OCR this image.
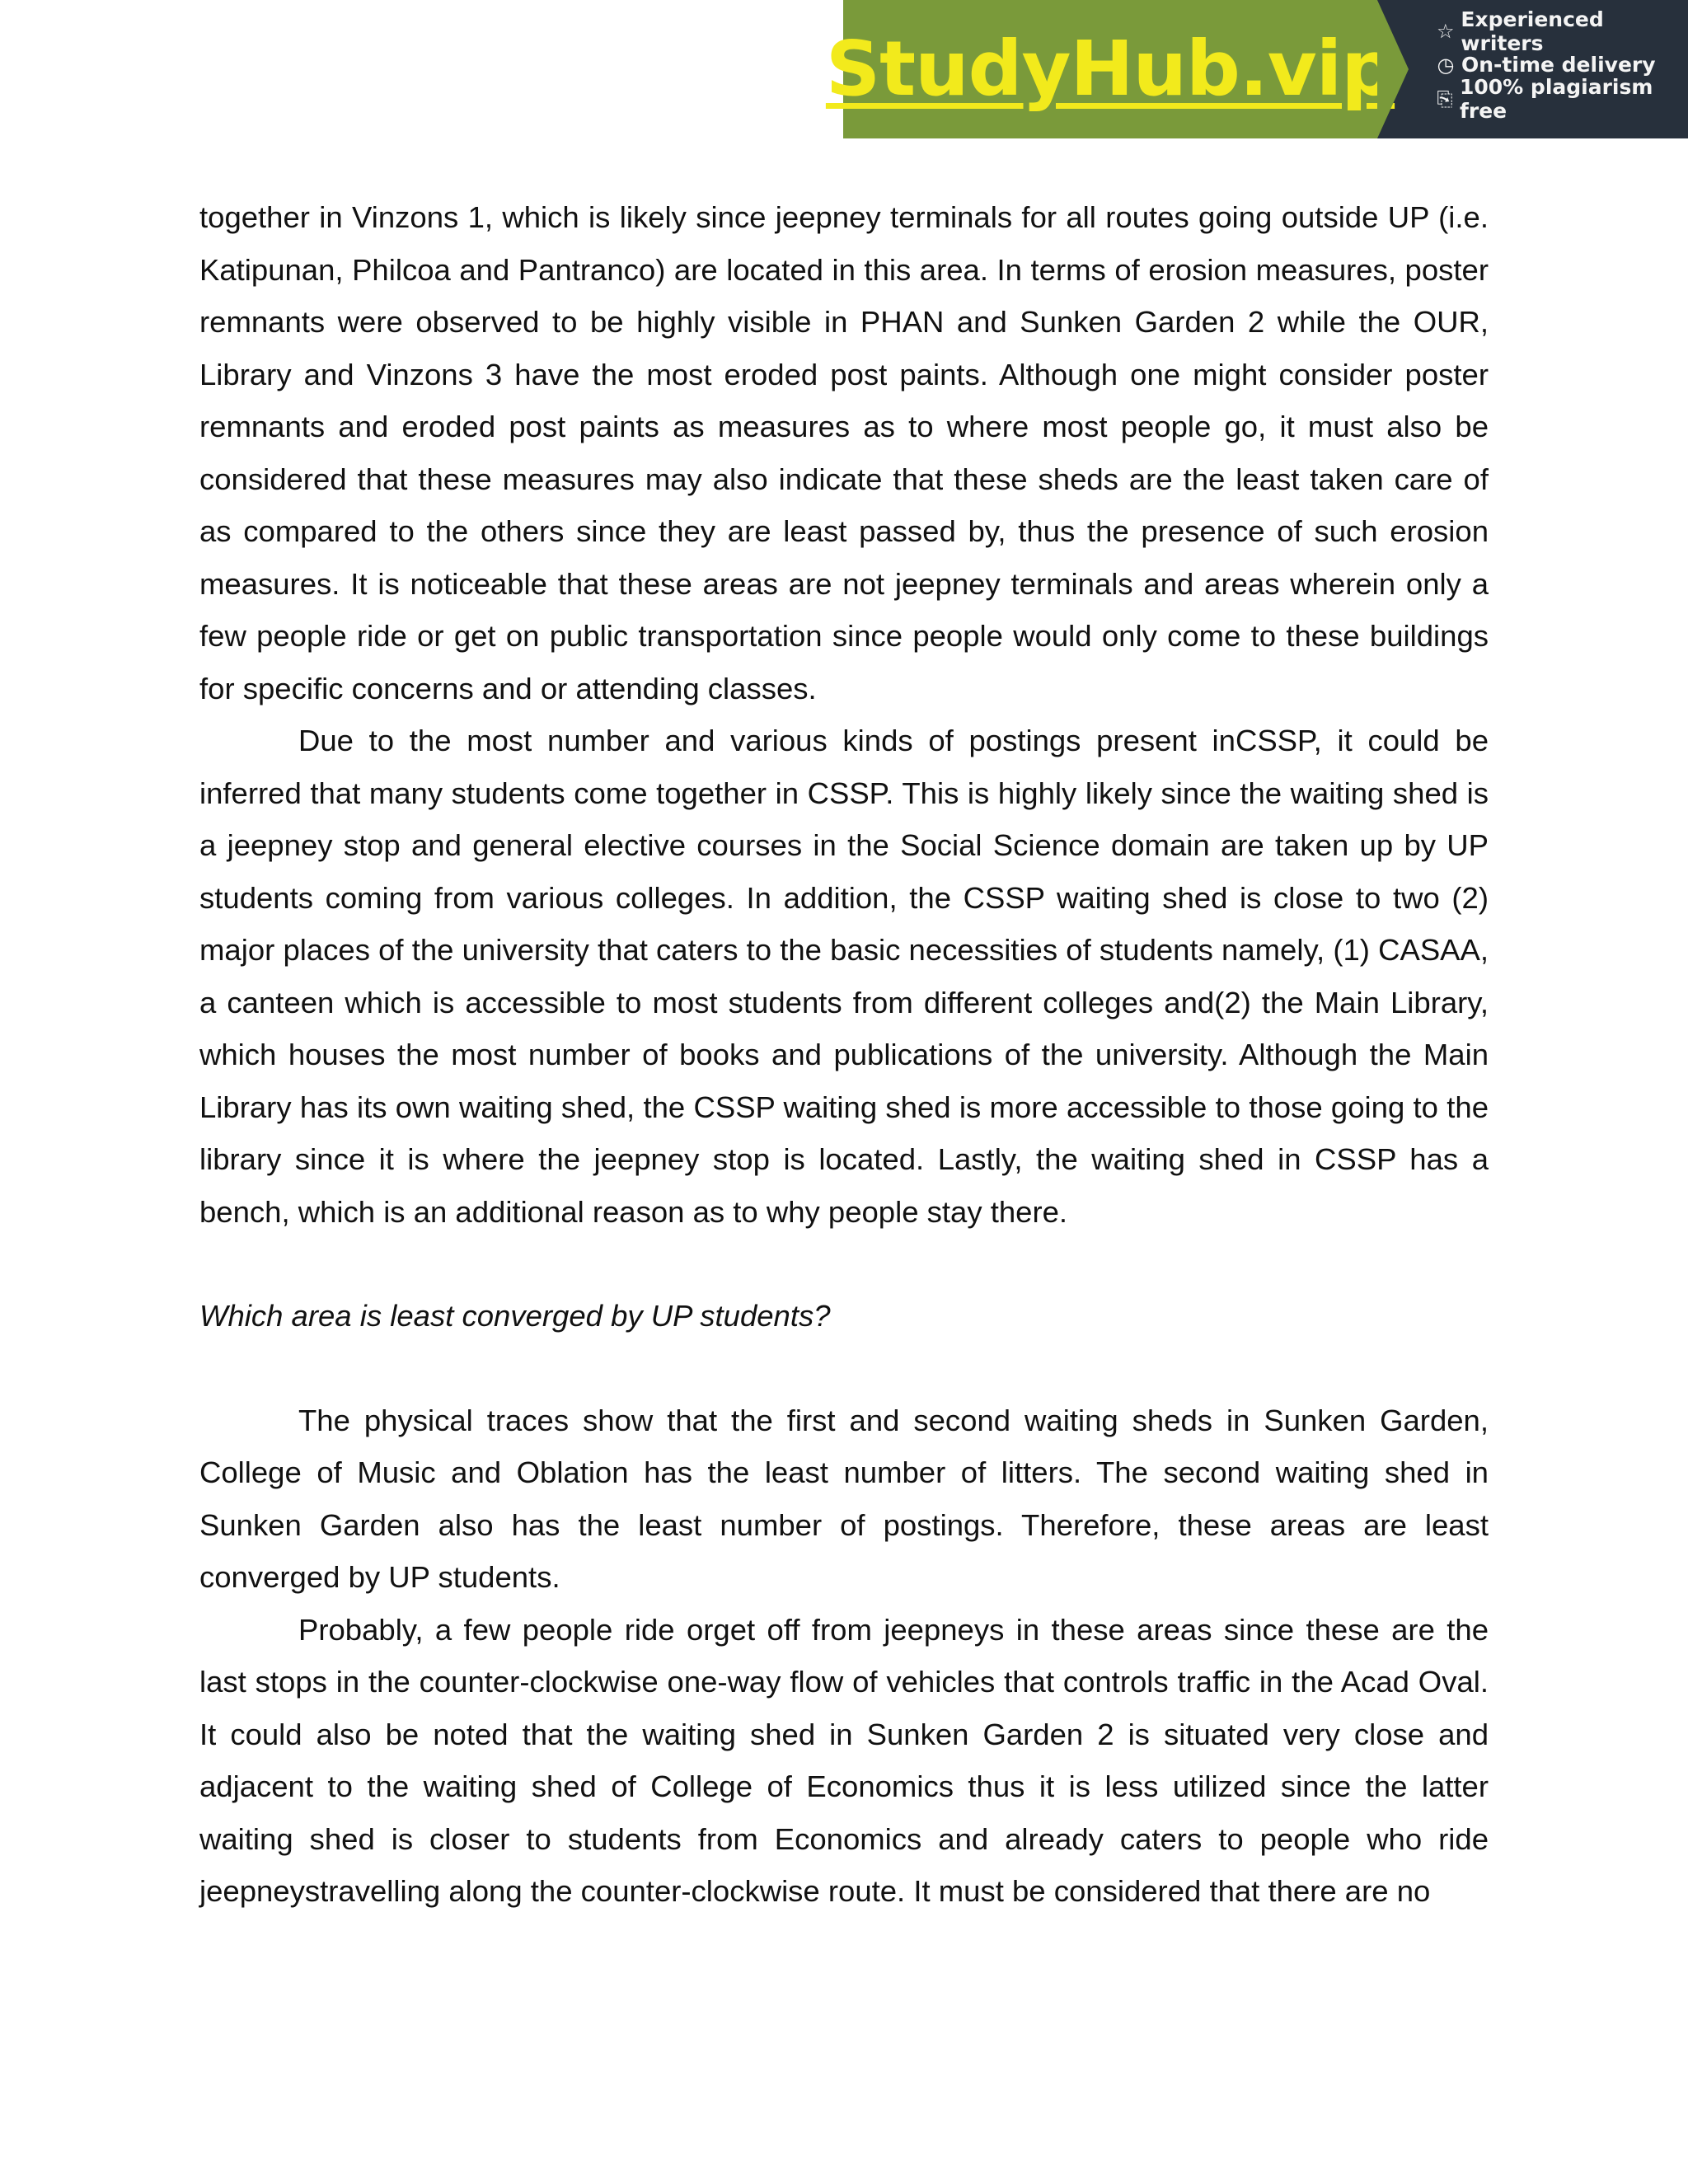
StudyHub.vip ☆ Experienced writers
◷ On-time delivery
⎘ 100% plagiarism free

together in Vinzons 1, which is likely since jeepney terminals for all routes going outside UP (i.e. Katipunan, Philcoa and Pantranco) are located in this area. In terms of erosion measures, poster remnants were observed to be highly visible in PHAN and Sunken Garden 2 while the OUR, Library and Vinzons 3 have the most eroded post paints. Although one might consider poster remnants and eroded post paints as measures as to where most people go, it must also be considered that these measures may also indicate that these sheds are the least taken care of as compared to the others since they are least passed by, thus the presence of such erosion measures. It is noticeable that these areas are not jeepney terminals and areas wherein only a few people ride or get on public transportation since people would only come to these buildings for specific concerns and or attending classes.

Due to the most number and various kinds of postings present inCSSP, it could be inferred that many students come together in CSSP. This is highly likely since the waiting shed is a jeepney stop and general elective courses in the Social Science domain are taken up by UP students coming from various colleges. In addition, the CSSP waiting shed is close to two (2) major places of the university that caters to the basic necessities of students namely, (1) CASAA, a canteen which is accessible to most students from different colleges and(2) the Main Library, which houses the most number of books and publications of the university. Although the Main Library has its own waiting shed, the CSSP waiting shed is more accessible to those going to the library since it is where the jeepney stop is located. Lastly, the waiting shed in CSSP has a bench, which is an additional reason as to why people stay there.

Which area is least converged by UP students?

The physical traces show that the first and second waiting sheds in Sunken Garden, College of Music and Oblation has the least number of litters. The second waiting shed in Sunken Garden also has the least number of postings. Therefore, these areas are least converged by UP students.

Probably, a few people ride orget off from jeepneys in these areas since these are the last stops in the counter-clockwise one-way flow of vehicles that controls traffic in the Acad Oval. It could also be noted that the waiting shed in Sunken Garden 2 is situated very close and adjacent to the waiting shed of College of Economics thus it is less utilized since the latter waiting shed is closer to students from Economics and already caters to people who ride jeepneystravelling along the counter-clockwise route. It must be considered that there are no
